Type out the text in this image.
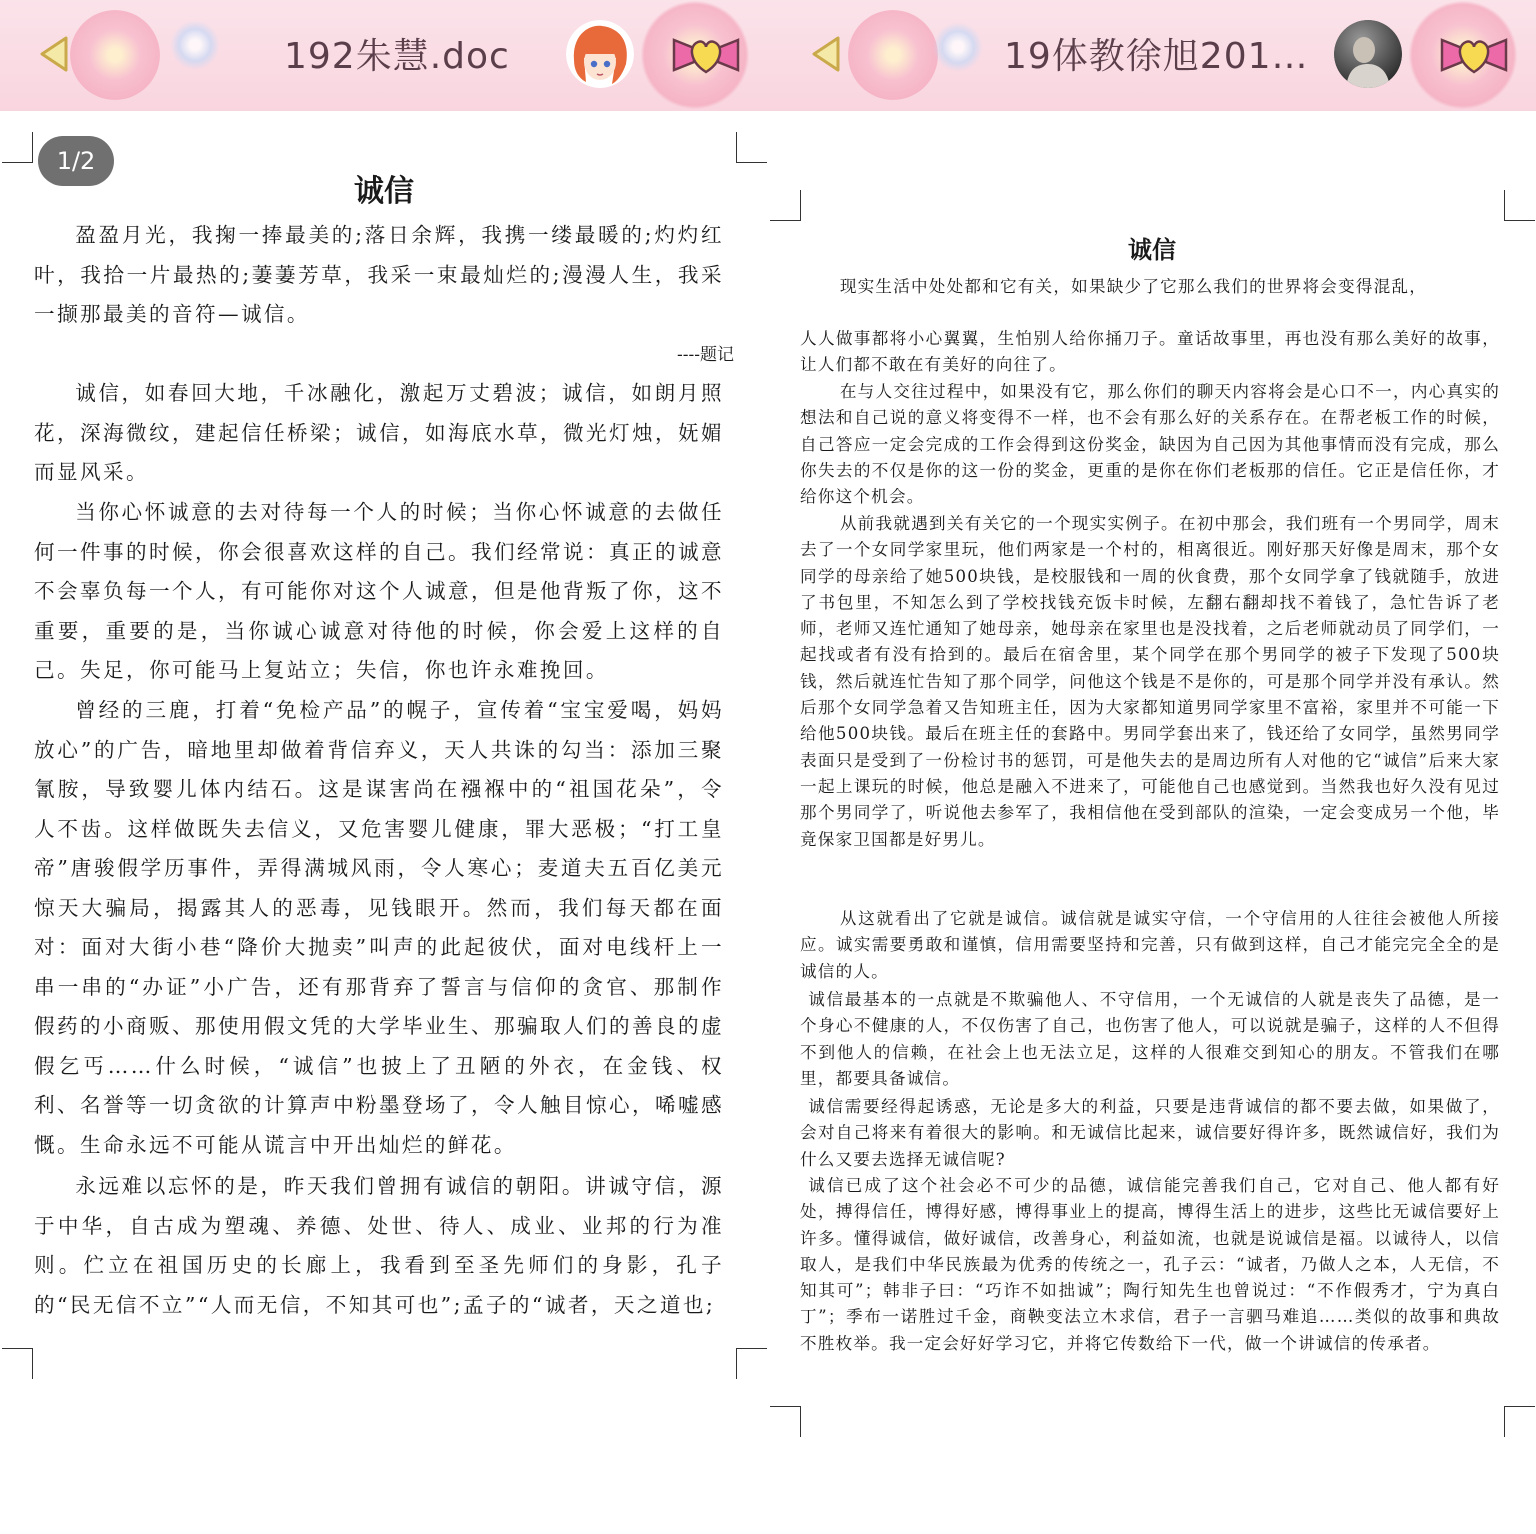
192朱慧.doc
1/2
诚信

盈盈月光，我掬一捧最美的;落日余辉，我携一缕最暖的;灼灼红叶，我拾一片最热的;萋萋芳草，我采一束最灿烂的;漫漫人生，我采一撷那最美的音符—诚信。

----题记

诚信，如春回大地，千冰融化，激起万丈碧波；诚信，如朗月照花，深海微纹，建起信任桥梁；诚信，如海底水草，微光灯烛，妩媚而显风采。

当你心怀诚意的去对待每一个人的时候；当你心怀诚意的去做任何一件事的时候，你会很喜欢这样的自己。我们经常说：真正的诚意不会辜负每一个人，有可能你对这个人诚意，但是他背叛了你，这不重要，重要的是，当你诚心诚意对待他的时候，你会爱上这样的自己。失足，你可能马上复站立；失信，你也许永难挽回。

曾经的三鹿，打着“免检产品”的幌子，宣传着“宝宝爱喝，妈妈放心”的广告，暗地里却做着背信弃义，天人共诛的勾当：添加三聚氰胺，导致婴儿体内结石。这是谋害尚在襁褓中的“祖国花朵”，令人不齿。这样做既失去信义，又危害婴儿健康，罪大恶极；“打工皇帝”唐骏假学历事件，弄得满城风雨，令人寒心；麦道夫五百亿美元惊天大骗局，揭露其人的恶毒，见钱眼开。然而，我们每天都在面对：面对大街小巷“降价大抛卖”叫声的此起彼伏，面对电线杆上一串一串的“办证”小广告，还有那背弃了誓言与信仰的贪官、那制作假药的小商贩、那使用假文凭的大学毕业生、那骗取人们的善良的虚假乞丐……什么时候，“诚信”也披上了丑陋的外衣，在金钱、权利、名誉等一切贪欲的计算声中粉墨登场了，令人触目惊心，唏嘘感慨。生命永远不可能从谎言中开出灿烂的鲜花。

永远难以忘怀的是，昨天我们曾拥有诚信的朝阳。讲诚守信，源于中华，自古成为塑魂、养德、处世、待人、成业、业邦的行为准则。伫立在祖国历史的长廊上，我看到至圣先师们的身影，孔子的“民无信不立”“人而无信，不知其可也”;孟子的“诚者，天之道也;

19体教徐旭201…
诚信

现实生活中处处都和它有关，如果缺少了它那么我们的世界将会变得混乱，

人人做事都将小心翼翼，生怕别人给你捅刀子。童话故事里，再也没有那么美好的故事，让人们都不敢在有美好的向往了。

在与人交往过程中，如果没有它，那么你们的聊天内容将会是心口不一，内心真实的想法和自己说的意义将变得不一样，也不会有那么好的关系存在。在帮老板工作的时候，自己答应一定会完成的工作会得到这份奖金，缺因为自己因为其他事情而没有完成，那么你失去的不仅是你的这一份的奖金，更重的是你在你们老板那的信任。它正是信任你，才给你这个机会。

从前我就遇到关有关它的一个现实实例子。在初中那会，我们班有一个男同学，周末去了一个女同学家里玩，他们两家是一个村的，相离很近。刚好那天好像是周末，那个女同学的母亲给了她500块钱，是校服钱和一周的伙食费，那个女同学拿了钱就随手，放进了书包里，不知怎么到了学校找钱充饭卡时候，左翻右翻却找不着钱了，急忙告诉了老师，老师又连忙通知了她母亲，她母亲在家里也是没找着，之后老师就动员了同学们，一起找或者有没有拾到的。最后在宿舍里，某个同学在那个男同学的被子下发现了500块钱，然后就连忙告知了那个同学，问他这个钱是不是你的，可是那个同学并没有承认。然后那个女同学急着又告知班主任，因为大家都知道男同学家里不富裕，家里并不可能一下给他500块钱。最后在班主任的套路中。男同学套出来了，钱还给了女同学，虽然男同学表面只是受到了一份检讨书的惩罚，可是他失去的是周边所有人对他的它“诚信”后来大家一起上课玩的时候，他总是融入不进来了，可能他自己也感觉到。当然我也好久没有见过那个男同学了，听说他去参军了，我相信他在受到部队的渲染，一定会变成另一个他，毕竟保家卫国都是好男儿。

从这就看出了它就是诚信。诚信就是诚实守信，一个守信用的人往往会被他人所接应。诚实需要勇敢和谨慎，信用需要坚持和完善，只有做到这样，自己才能完完全全的是诚信的人。

诚信最基本的一点就是不欺骗他人、不守信用，一个无诚信的人就是丧失了品德，是一个身心不健康的人，不仅伤害了自己，也伤害了他人，可以说就是骗子，这样的人不但得不到他人的信赖，在社会上也无法立足，这样的人很难交到知心的朋友。不管我们在哪里，都要具备诚信。

诚信需要经得起诱惑，无论是多大的利益，只要是违背诚信的都不要去做，如果做了，会对自己将来有着很大的影响。和无诚信比起来，诚信要好得许多，既然诚信好，我们为什么又要去选择无诚信呢?

诚信已成了这个社会必不可少的品德，诚信能完善我们自己，它对自己、他人都有好处，搏得信任，博得好感，博得事业上的提高，博得生活上的进步，这些比无诚信要好上许多。懂得诚信，做好诚信，改善身心，利益如流，也就是说诚信是福。以诚待人，以信取人，是我们中华民族最为优秀的传统之一，孔子云：“诚者，乃做人之本，人无信，不知其可”；韩非子曰：“巧诈不如拙诚”；陶行知先生也曾说过：“不作假秀才，宁为真白丁”；季布一诺胜过千金，商鞅变法立木求信，君子一言驷马难追……类似的故事和典故不胜枚举。我一定会好好学习它，并将它传数给下一代，做一个讲诚信的传承者。
